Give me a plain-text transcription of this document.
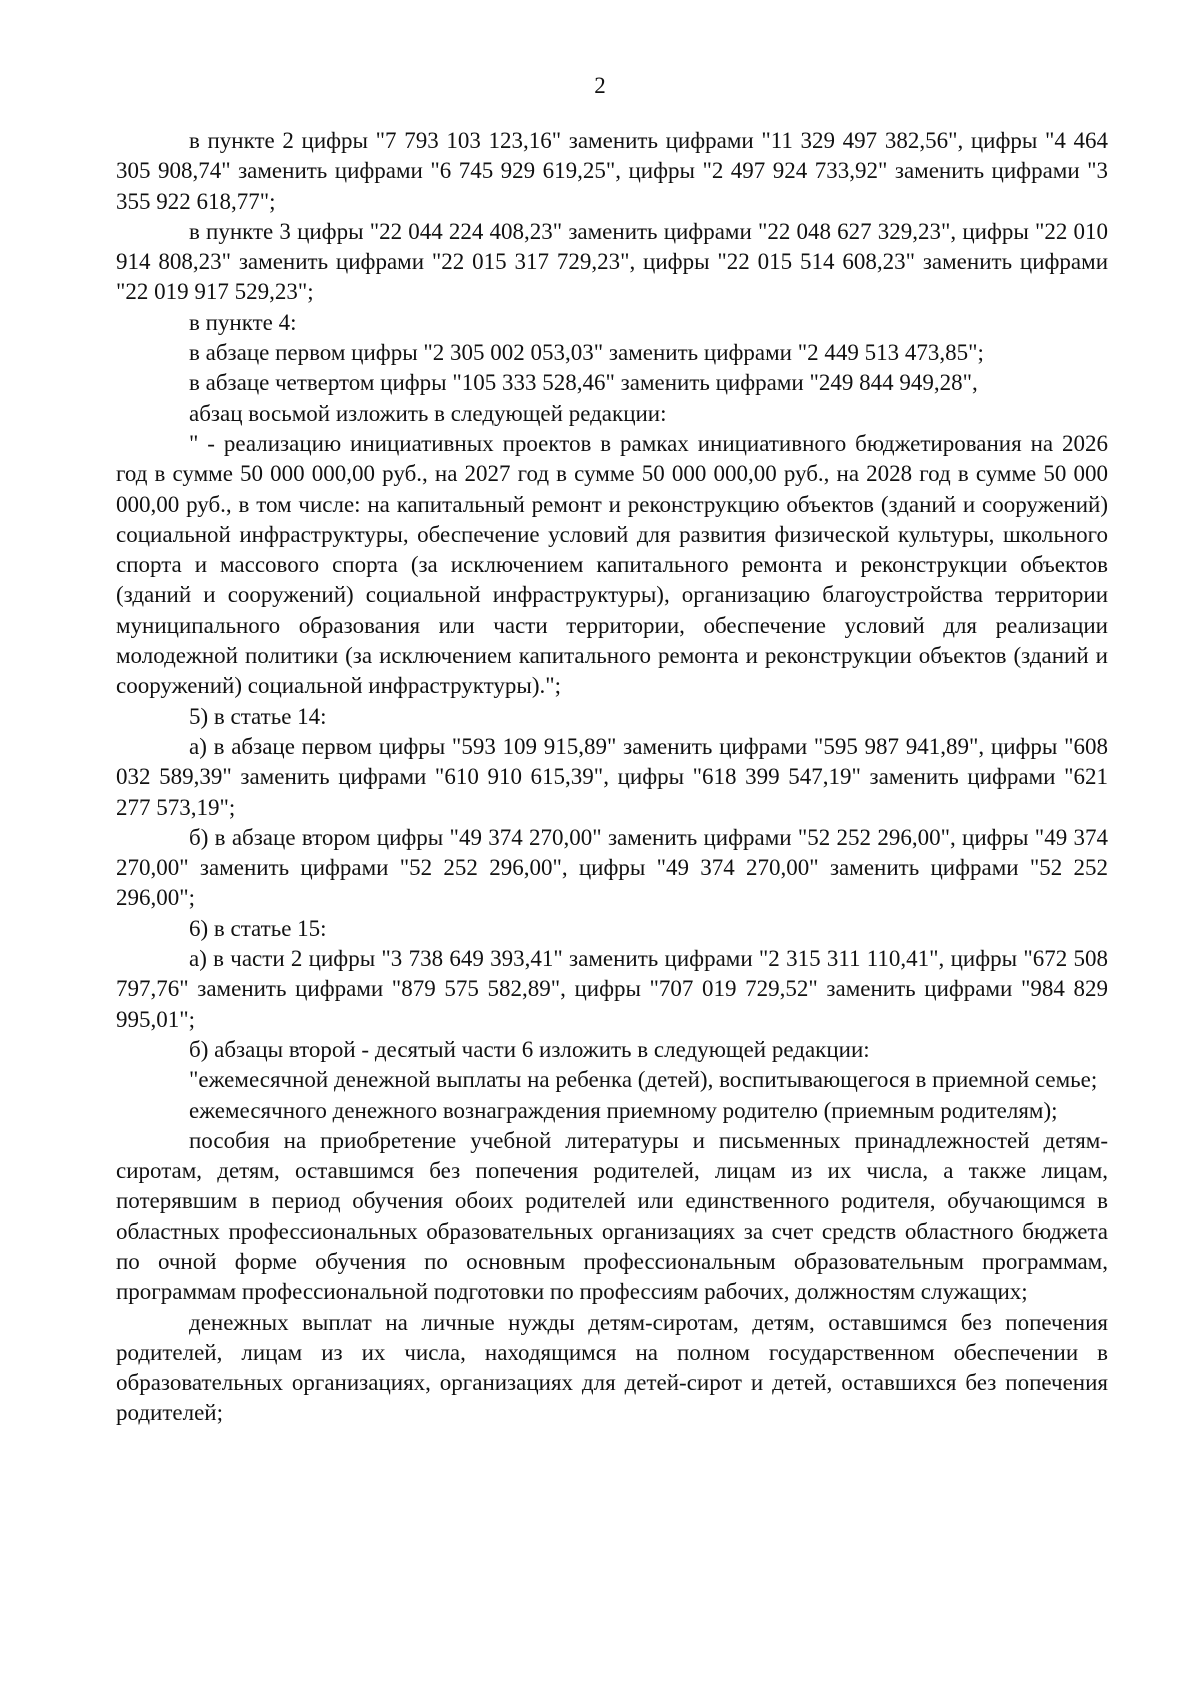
2

в пункте 2 цифры "7 793 103 123,16" заменить цифрами "11 329 497 382,56", цифры "4 464 305 908,74" заменить цифрами "6 745 929 619,25", цифры "2 497 924 733,92" заменить цифрами "3 355 922 618,77";

в пункте 3 цифры "22 044 224 408,23" заменить цифрами "22 048 627 329,23", цифры "22 010 914 808,23" заменить цифрами "22 015 317 729,23", цифры "22 015 514 608,23" заменить цифрами "22 019 917 529,23";

в пункте 4:

в абзаце первом цифры "2 305 002 053,03" заменить цифрами "2 449 513 473,85";

в абзаце четвертом цифры "105 333 528,46" заменить цифрами "249 844 949,28",

абзац восьмой изложить в следующей редакции:

" - реализацию инициативных проектов в рамках инициативного бюджетирования на 2026 год в сумме 50 000 000,00 руб., на 2027 год в сумме 50 000 000,00 руб., на 2028 год в сумме 50 000 000,00 руб., в том числе: на капитальный ремонт и реконструкцию объектов (зданий и сооружений) социальной инфраструктуры, обеспечение условий для развития физической культуры, школьного спорта и массового спорта (за исключением капитального ремонта и реконструкции объектов (зданий и сооружений) социальной инфраструктуры), организацию благоустройства территории муниципального образования или части территории, обеспечение условий для реализации молодежной политики (за исключением капитального ремонта и реконструкции объектов (зданий и сооружений) социальной инфраструктуры).";

5) в статье 14:

а) в абзаце первом цифры "593 109 915,89" заменить цифрами "595 987 941,89", цифры "608 032 589,39" заменить цифрами "610 910 615,39", цифры "618 399 547,19" заменить цифрами "621 277 573,19";

б) в абзаце втором цифры "49 374 270,00" заменить цифрами "52 252 296,00", цифры "49 374 270,00" заменить цифрами "52 252 296,00", цифры "49 374 270,00" заменить цифрами "52 252 296,00";

6) в статье 15:

а) в части 2 цифры "3 738 649 393,41" заменить цифрами "2 315 311 110,41", цифры "672 508 797,76" заменить цифрами "879 575 582,89", цифры "707 019 729,52" заменить цифрами "984 829 995,01";

б) абзацы второй - десятый части 6 изложить в следующей редакции:

"ежемесячной денежной выплаты на ребенка (детей), воспитывающегося в приемной семье;

ежемесячного денежного вознаграждения приемному родителю (приемным родителям);

пособия на приобретение учебной литературы и письменных принадлежностей детям-сиротам, детям, оставшимся без попечения родителей, лицам из их числа, а также лицам, потерявшим в период обучения обоих родителей или единственного родителя, обучающимся в областных профессиональных образовательных организациях за счет средств областного бюджета по очной форме обучения по основным профессиональным образовательным программам, программам профессиональной подготовки по профессиям рабочих, должностям служащих;

денежных выплат на личные нужды детям-сиротам, детям, оставшимся без попечения родителей, лицам из их числа, находящимся на полном государственном обеспечении в образовательных организациях, организациях для детей-сирот и детей, оставшихся без попечения родителей;
